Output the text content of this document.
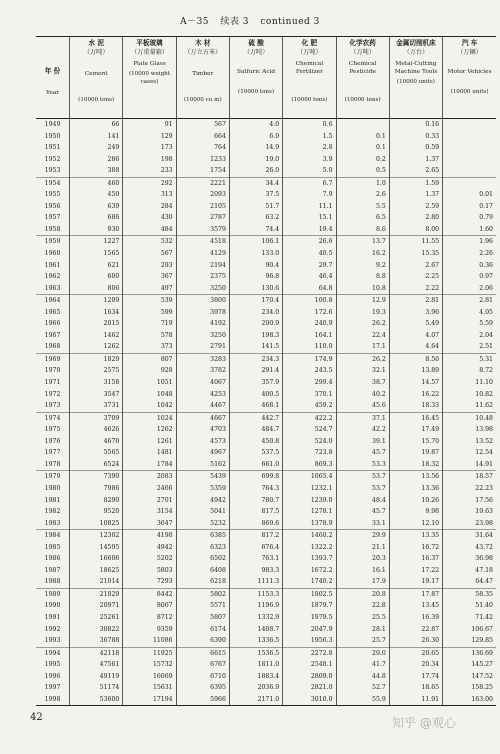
A－35 续表 3 continued 3
年 份
Year	水 泥
（万吨）
Cement
(10000 tons)	平板玻璃
（万重量箱）
Plate Glass
(10000 weight cases)	木 材
（万立方米）
Timber
(10000 cu m)	硫 酸
（万吨）
Sulfuric Acid
(10000 tons)	化 肥
（万吨）
Chemical Fertilizer
(10000 tons)	化学农药
（万吨）
Chemical Pesticide
(10000 tons)	金属切削机床
（万台）
Metal-Cutting Machine Tools
(10000 units)	汽 车
（万辆）
Motor Vehicles
(10000 units)

1949	66	91	567	4.0	0.6		0.16	
1950	141	129	664	6.9	1.5	0.1	0.33	
1951	249	173	764	14.9	2.8	0.1	0.59	
1952	286	198	1233	19.0	3.9	0.2	1.37	
1953	388	233	1754	26.0	5.0	0.5	2.65	
1954	460	292	2221	34.4	6.7	1.0	1.59	
1955	450	313	2093	37.5	7.9	2.6	1.37	0.01
1956	639	284	2105	51.7	11.1	5.5	2.59	0.17
1957	686	430	2787	63.2	15.1	6.5	2.80	0.79
1958	930	484	3579	74.4	19.4	8.6	8.00	1.60
1959	1227	532	4518	106.1	26.6	13.7	11.55	1.96
1960	1565	567	4129	133.0	40.5	16.2	15.35	2.26
1961	621	293	2194	90.4	29.7	9.2	2.67	0.36
1962	600	367	2375	96.8	46.4	8.8	2.25	0.97
1963	806	497	3250	130.6	64.8	10.8	2.22	2.06
1964	1209	539	3800	170.4	100.8	12.9	2.81	2.81
1965	1634	599	3978	234.0	172.6	19.3	3.96	4.05
1966	2015	719	4192	290.9	240.9	26.2	5.49	5.59
1967	1462	578	3250	198.3	164.1	22.4	4.07	2.04
1968	1262	373	2791	141.5	110.0	17.1	4.64	2.51
1969	1829	807	3283	234.3	174.9	26.2	8.56	5.31
1970	2575	928	3782	291.4	243.5	32.1	13.89	8.72
1971	3158	1051	4067	357.9	299.4	38.7	14.57	11.10
1972	3547	1048	4253	400.5	370.1	40.2	16.22	10.82
1973	3731	1042	4467	468.1	459.2	45.6	18.33	11.62
1974	3709	1024	4667	442.7	422.2	37.1	16.45	10.48
1975	4626	1262	4703	484.7	524.7	42.2	17.49	13.98
1976	4670	1261	4573	450.8	524.0	39.1	15.70	13.52
1977	5565	1481	4967	537.5	723.8	45.7	19.87	12.54
1978	6524	1784	5162	661.0	869.3	53.3	18.32	14.91
1979	7390	2083	5439	699.8	1065.4	53.7	13.56	18.57
1980	7986	2466	5359	764.3	1232.1	53.7	13.36	22.23
1981	8290	2701	4942	780.7	1239.0	48.4	10.26	17.56
1982	9520	3154	5041	817.5	1278.1	45.7	9.98	19.63
1983	10825	3647	5232	869.6	1378.9	33.1	12.10	23.98
1984	12302	4190	6385	817.2	1460.2	29.9	13.35	31.64
1985	14595	4942	6323	676.4	1322.2	21.1	16.72	43.72
1986	16606	5202	6502	763.1	1393.7	20.3	16.37	36.98
1987	18625	5803	6408	983.3	1672.2	16.1	17.22	47.18
1988	21014	7293	6218	1111.3	1740.2	17.9	19.17	64.47
1989	21029	8442	5802	1153.3	1802.5	20.8	17.87	58.35
1990	20971	8067	5571	1196.9	1879.7	22.8	13.45	51.40
1991	25261	8712	5807	1332.9	1979.5	25.5	16.39	71.42
1992	30822	9359	6174	1408.7	2047.9	28.1	22.87	106.67
1993	36788	11086	6390	1336.5	1956.3	25.7	26.30	129.85
1994	42118	11925	6615	1536.5	2272.8	29.0	20.65	136.69
1995	47561	15732	6767	1811.0	2548.1	41.7	20.34	145.27
1996	49119	16069	6710	1883.4	2809.0	44.8	17.74	147.52
1997	51174	15631	6395	2036.9	2821.0	52.7	18.65	158.25
1998	53600	17194	5966	2171.0	3010.0	55.9	11.91	163.00
42	知乎 @观心
